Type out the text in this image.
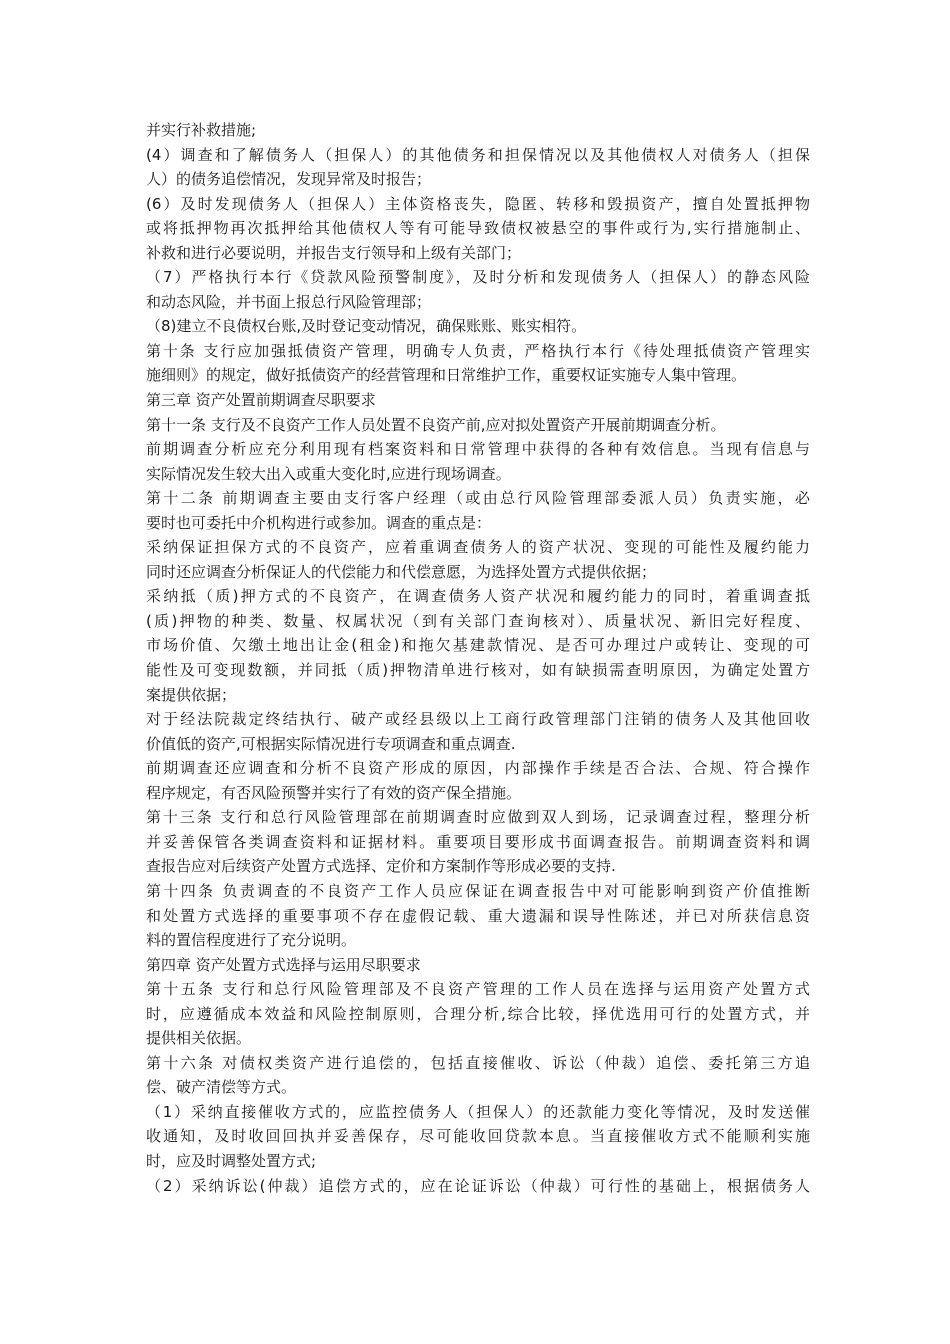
并实行补救措施;
(4）调查和了解债务人（担保人）的其他债务和担保情况以及其他债权人对债务人（担保
人）的债务追偿情况，发现异常及时报告；
(6）及时发现债务人（担保人）主体资格丧失，隐匿、转移和毁损资产，擅自处置抵押物
或将抵押物再次抵押给其他债权人等有可能导致债权被悬空的事件或行为,实行措施制止、
补救和进行必要说明，并报告支行领导和上级有关部门；
（7）严格执行本行《贷款风险预警制度》，及时分析和发现债务人（担保人）的静态风险
和动态风险，并书面上报总行风险管理部；
（8)建立不良债权台账,及时登记变动情况，确保账账、账实相符。
第十条 支行应加强抵债资产管理，明确专人负责，严格执行本行《待处理抵债资产管理实
施细则》的规定，做好抵债资产的经营管理和日常维护工作，重要权证实施专人集中管理。
第三章 资产处置前期调查尽职要求
第十一条 支行及不良资产工作人员处置不良资产前,应对拟处置资产开展前期调查分析。
前期调查分析应充分利用现有档案资料和日常管理中获得的各种有效信息。当现有信息与
实际情况发生较大出入或重大变化时,应进行现场调查。
第十二条 前期调查主要由支行客户经理（或由总行风险管理部委派人员）负责实施，必
要时也可委托中介机构进行或参加。调查的重点是：
采纳保证担保方式的不良资产，应着重调查债务人的资产状况、变现的可能性及履约能力
同时还应调查分析保证人的代偿能力和代偿意愿，为选择处置方式提供依据；
采纳抵（质)押方式的不良资产，在调查债务人资产状况和履约能力的同时，着重调查抵
(质)押物的种类、数量、权属状况（到有关部门查询核对）、质量状况、新旧完好程度、
市场价值、欠缴土地出让金(租金)和拖欠基建款情况、是否可办理过户或转让、变现的可
能性及可变现数额，并同抵（质)押物清单进行核对，如有缺损需查明原因，为确定处置方
案提供依据；
对于经法院裁定终结执行、破产或经县级以上工商行政管理部门注销的债务人及其他回收
价值低的资产,可根据实际情况进行专项调查和重点调查.
前期调查还应调查和分析不良资产形成的原因，内部操作手续是否合法、合规、符合操作
程序规定，有否风险预警并实行了有效的资产保全措施。
第十三条 支行和总行风险管理部在前期调查时应做到双人到场，记录调查过程，整理分析
并妥善保管各类调查资料和证据材料。重要项目要形成书面调查报告。前期调查资料和调
查报告应对后续资产处置方式选择、定价和方案制作等形成必要的支持.
第十四条 负责调查的不良资产工作人员应保证在调查报告中对可能影响到资产价值推断
和处置方式选择的重要事项不存在虚假记载、重大遗漏和误导性陈述，并已对所获信息资
料的置信程度进行了充分说明。
第四章 资产处置方式选择与运用尽职要求
第十五条 支行和总行风险管理部及不良资产管理的工作人员在选择与运用资产处置方式
时，应遵循成本效益和风险控制原则，合理分析,综合比较，择优选用可行的处置方式，并
提供相关依据。
第十六条 对债权类资产进行追偿的，包括直接催收、诉讼（仲裁）追偿、委托第三方追
偿、破产清偿等方式。
（1）采纳直接催收方式的，应监控债务人（担保人）的还款能力变化等情况，及时发送催
收通知，及时收回回执并妥善保存，尽可能收回贷款本息。当直接催收方式不能顺利实施
时，应及时调整处置方式;
（2）采纳诉讼(仲裁）追偿方式的，应在论证诉讼（仲裁）可行性的基础上，根据债务人
